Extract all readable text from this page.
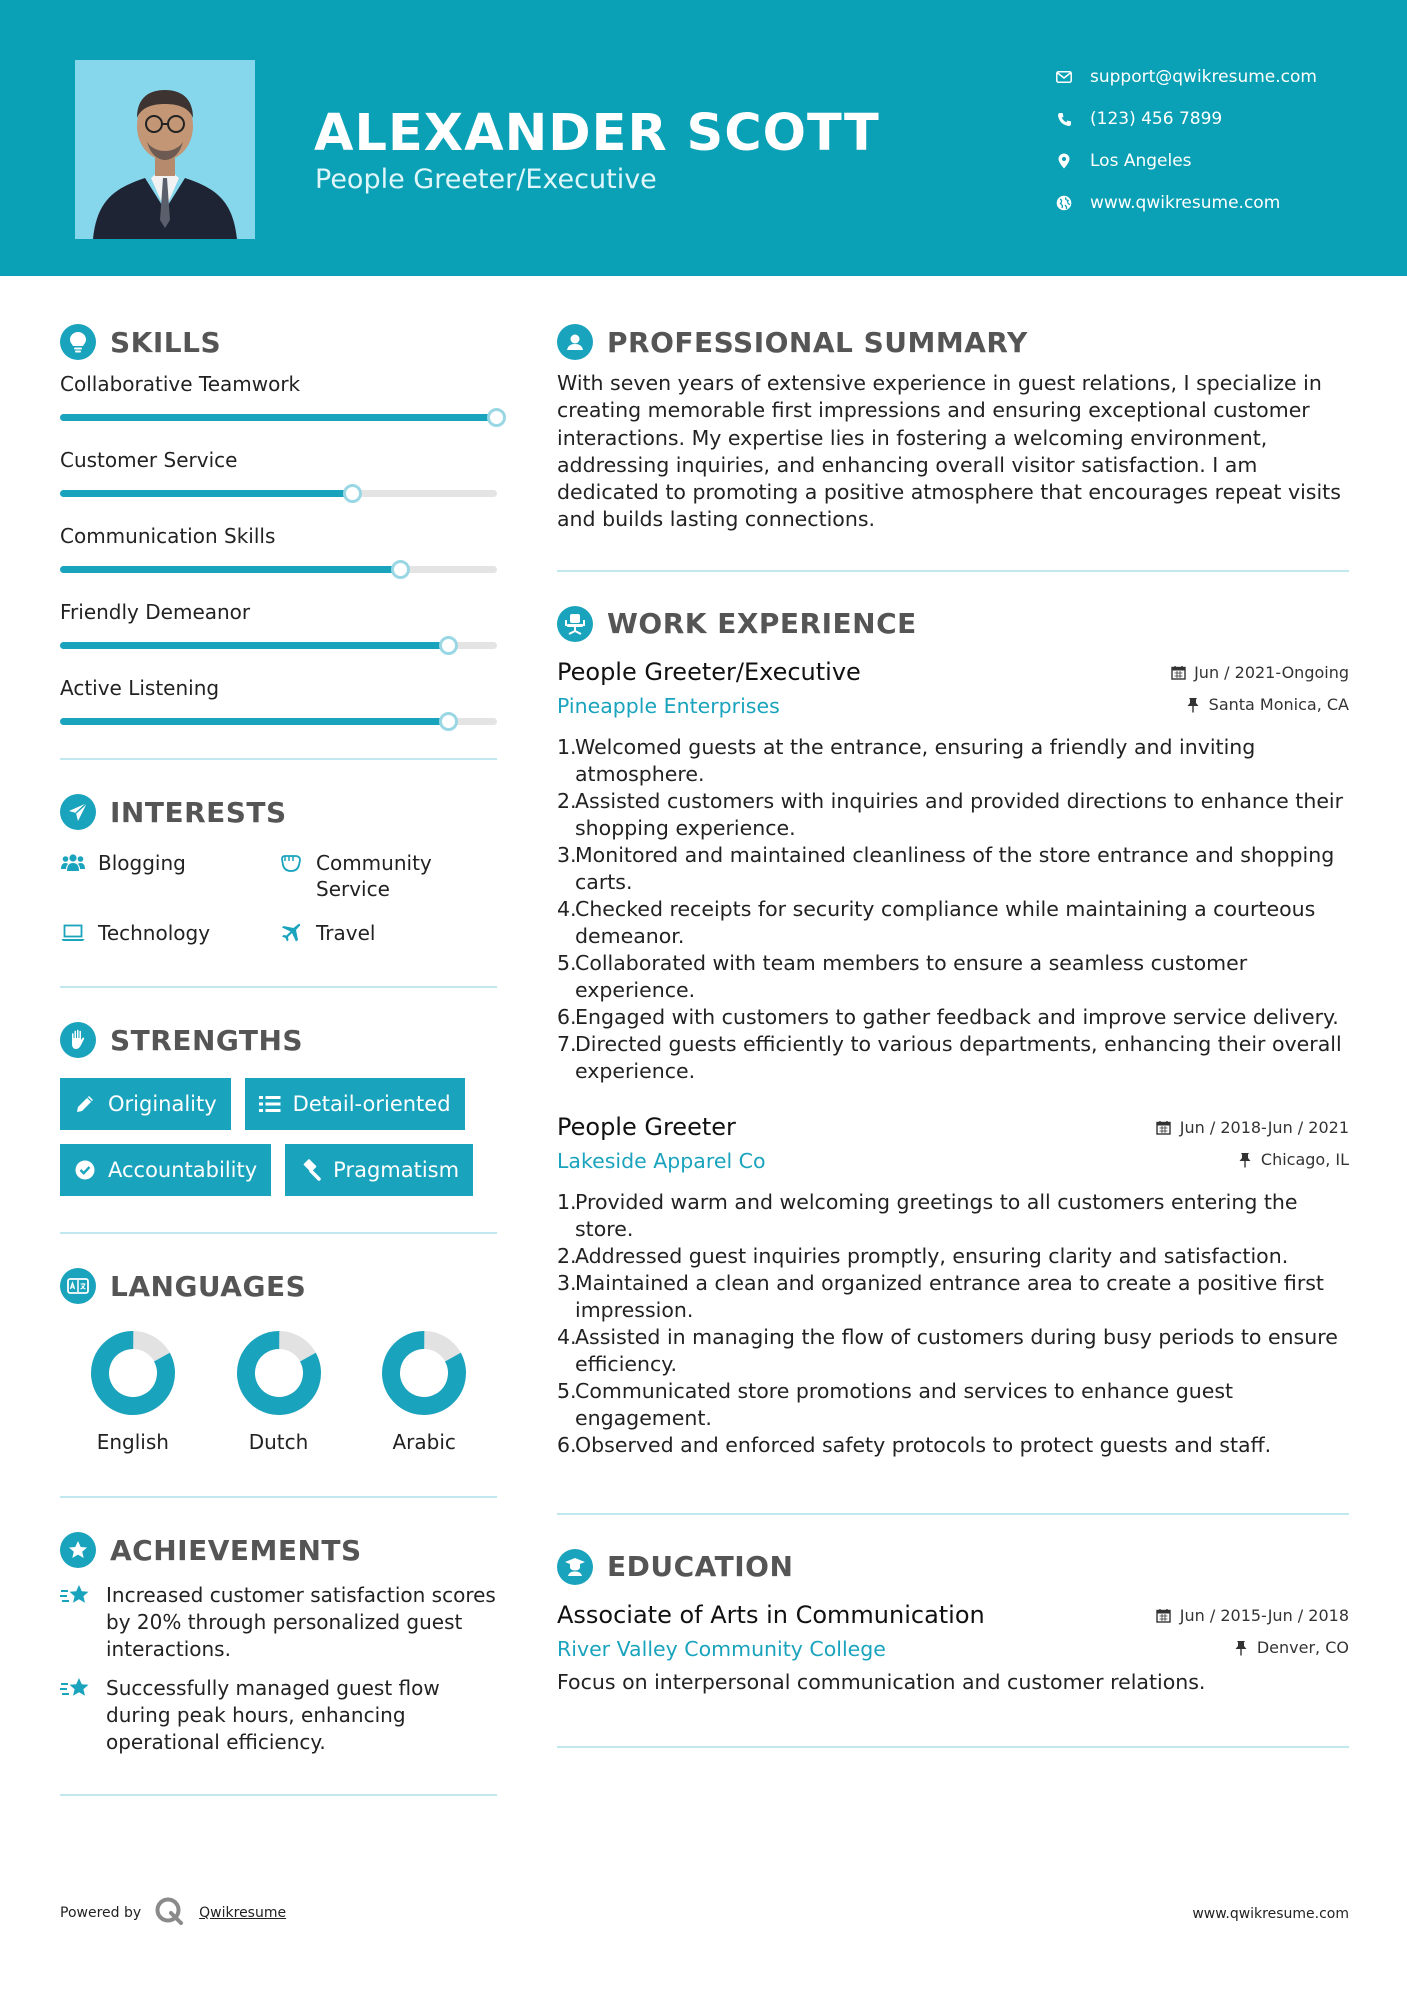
ALEXANDER SCOTT
People Greeter/Executive
support@qwikresume.com
(123) 456 7899
Los Angeles
www.qwikresume.com
SKILLS
Collaborative Teamwork
Customer Service
Communication Skills
Friendly Demeanor
Active Listening
INTERESTS
Blogging	Community Service
Technology	Travel
STRENGTHS
Originality	Detail-oriented
Accountability	Pragmatism
LANGUAGES
English	Dutch	Arabic
ACHIEVEMENTS
Increased customer satisfaction scores by 20% through personalized guest interactions.
Successfully managed guest flow during peak hours, enhancing operational efficiency.
PROFESSIONAL SUMMARY

With seven years of extensive experience in guest relations, I specialize in creating memorable first impressions and ensuring exceptional customer interactions. My expertise lies in fostering a welcoming environment, addressing inquiries, and enhancing overall visitor satisfaction. I am dedicated to promoting a positive atmosphere that encourages repeat visits and builds lasting connections.

WORK EXPERIENCE
People Greeter/Executive	Jun / 2021-Ongoing
Pineapple Enterprises	Santa Monica, CA
1.
Welcomed guests at the entrance, ensuring a friendly and inviting atmosphere.
2.
Assisted customers with inquiries and provided directions to enhance their shopping experience.
3.
Monitored and maintained cleanliness of the store entrance and shopping carts.
4.
Checked receipts for security compliance while maintaining a courteous demeanor.
5.
Collaborated with team members to ensure a seamless customer experience.
6.
Engaged with customers to gather feedback and improve service delivery.
7.
Directed guests efficiently to various departments, enhancing their overall experience.
People Greeter	Jun / 2018-Jun / 2021
Lakeside Apparel Co	Chicago, IL
1.
Provided warm and welcoming greetings to all customers entering the store.
2.
Addressed guest inquiries promptly, ensuring clarity and satisfaction.
3.
Maintained a clean and organized entrance area to create a positive first impression.
4.
Assisted in managing the flow of customers during busy periods to ensure efficiency.
5.
Communicated store promotions and services to enhance guest engagement.
6.
Observed and enforced safety protocols to protect guests and staff.
EDUCATION
Associate of Arts in Communication	Jun / 2015-Jun / 2018
River Valley Community College	Denver, CO

Focus on interpersonal communication and customer relations.

Powered by	Qwikresume	www.qwikresume.com
